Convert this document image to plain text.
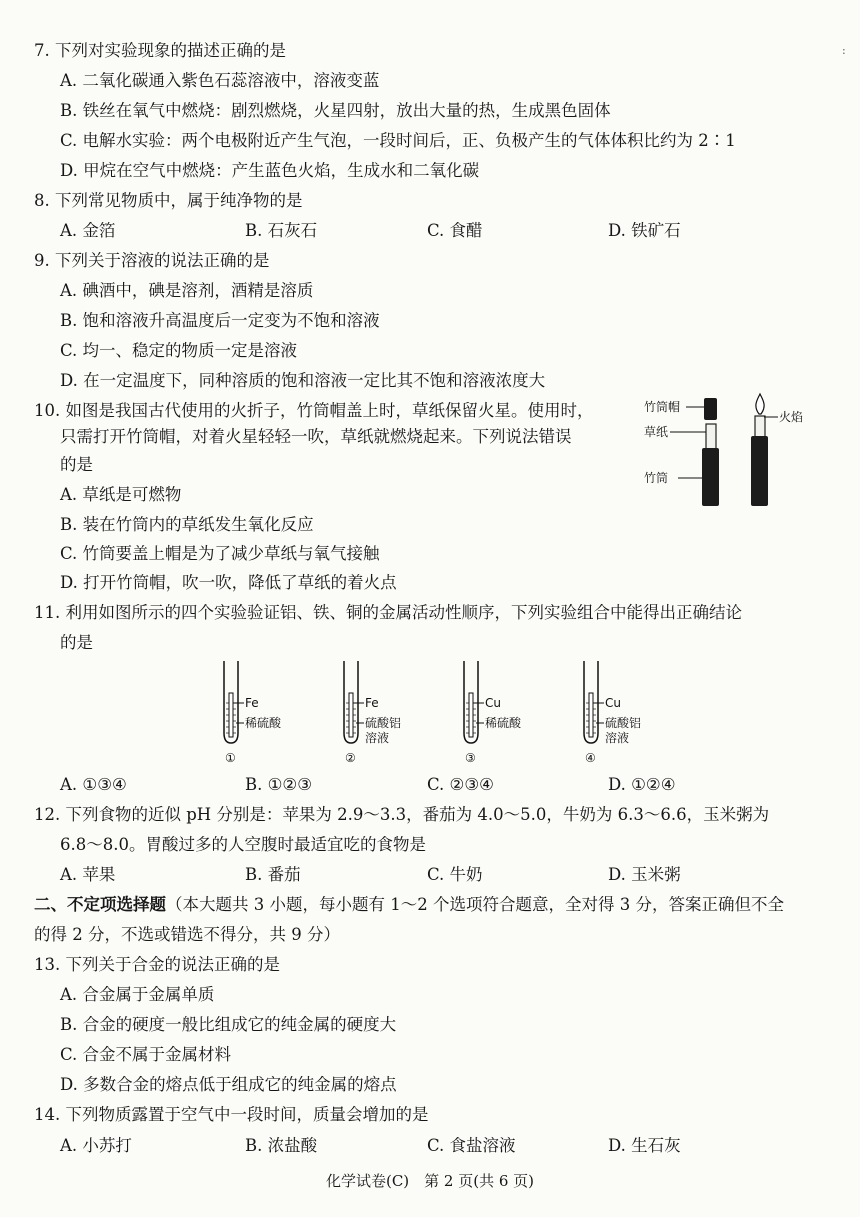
7. 下列对实验现象的描述正确的是
A. 二氧化碳通入紫色石蕊溶液中，溶液变蓝
B. 铁丝在氧气中燃烧：剧烈燃烧，火星四射，放出大量的热，生成黑色固体
C. 电解水实验：两个电极附近产生气泡，一段时间后，正、负极产生的气体体积比约为 2∶1
D. 甲烷在空气中燃烧：产生蓝色火焰，生成水和二氧化碳
8. 下列常见物质中，属于纯净物的是
A. 金箔	B. 石灰石	C. 食醋	D. 铁矿石
9. 下列关于溶液的说法正确的是
A. 碘酒中，碘是溶剂，酒精是溶质
B. 饱和溶液升高温度后一定变为不饱和溶液
C. 均一、稳定的物质一定是溶液
D. 在一定温度下，同种溶质的饱和溶液一定比其不饱和溶液浓度大
10. 如图是我国古代使用的火折子，竹筒帽盖上时，草纸保留火星。使用时，
只需打开竹筒帽，对着火星轻轻一吹，草纸就燃烧起来。下列说法错误
的是
A. 草纸是可燃物
B. 装在竹筒内的草纸发生氧化反应
C. 竹筒要盖上帽是为了减少草纸与氧气接触
D. 打开竹筒帽，吹一吹，降低了草纸的着火点
竹筒帽
草纸
竹筒
火焰
11. 利用如图所示的四个实验验证铝、铁、铜的金属活动性顺序，下列实验组合中能得出正确结论
的是
Fe
稀硫酸
①
Fe
硫酸铝
溶液
②
Cu
稀硫酸
③
Cu
硫酸铝
溶液
④
A. ①③④	B. ①②③	C. ②③④	D. ①②④
12. 下列食物的近似 pH 分别是：苹果为 2.9～3.3，番茄为 4.0～5.0，牛奶为 6.3～6.6，玉米粥为
6.8～8.0。胃酸过多的人空腹时最适宜吃的食物是
A. 苹果	B. 番茄	C. 牛奶	D. 玉米粥
二、不定项选择题（本大题共 3 小题，每小题有 1～2 个选项符合题意，全对得 3 分，答案正确但不全
的得 2 分，不选或错选不得分，共 9 分）
13. 下列关于合金的说法正确的是
A. 合金属于金属单质
B. 合金的硬度一般比组成它的纯金属的硬度大
C. 合金不属于金属材料
D. 多数合金的熔点低于组成它的纯金属的熔点
14. 下列物质露置于空气中一段时间，质量会增加的是
A. 小苏打	B. 浓盐酸	C. 食盐溶液	D. 生石灰
化学试卷(C)　第 2 页(共 6 页)
:
